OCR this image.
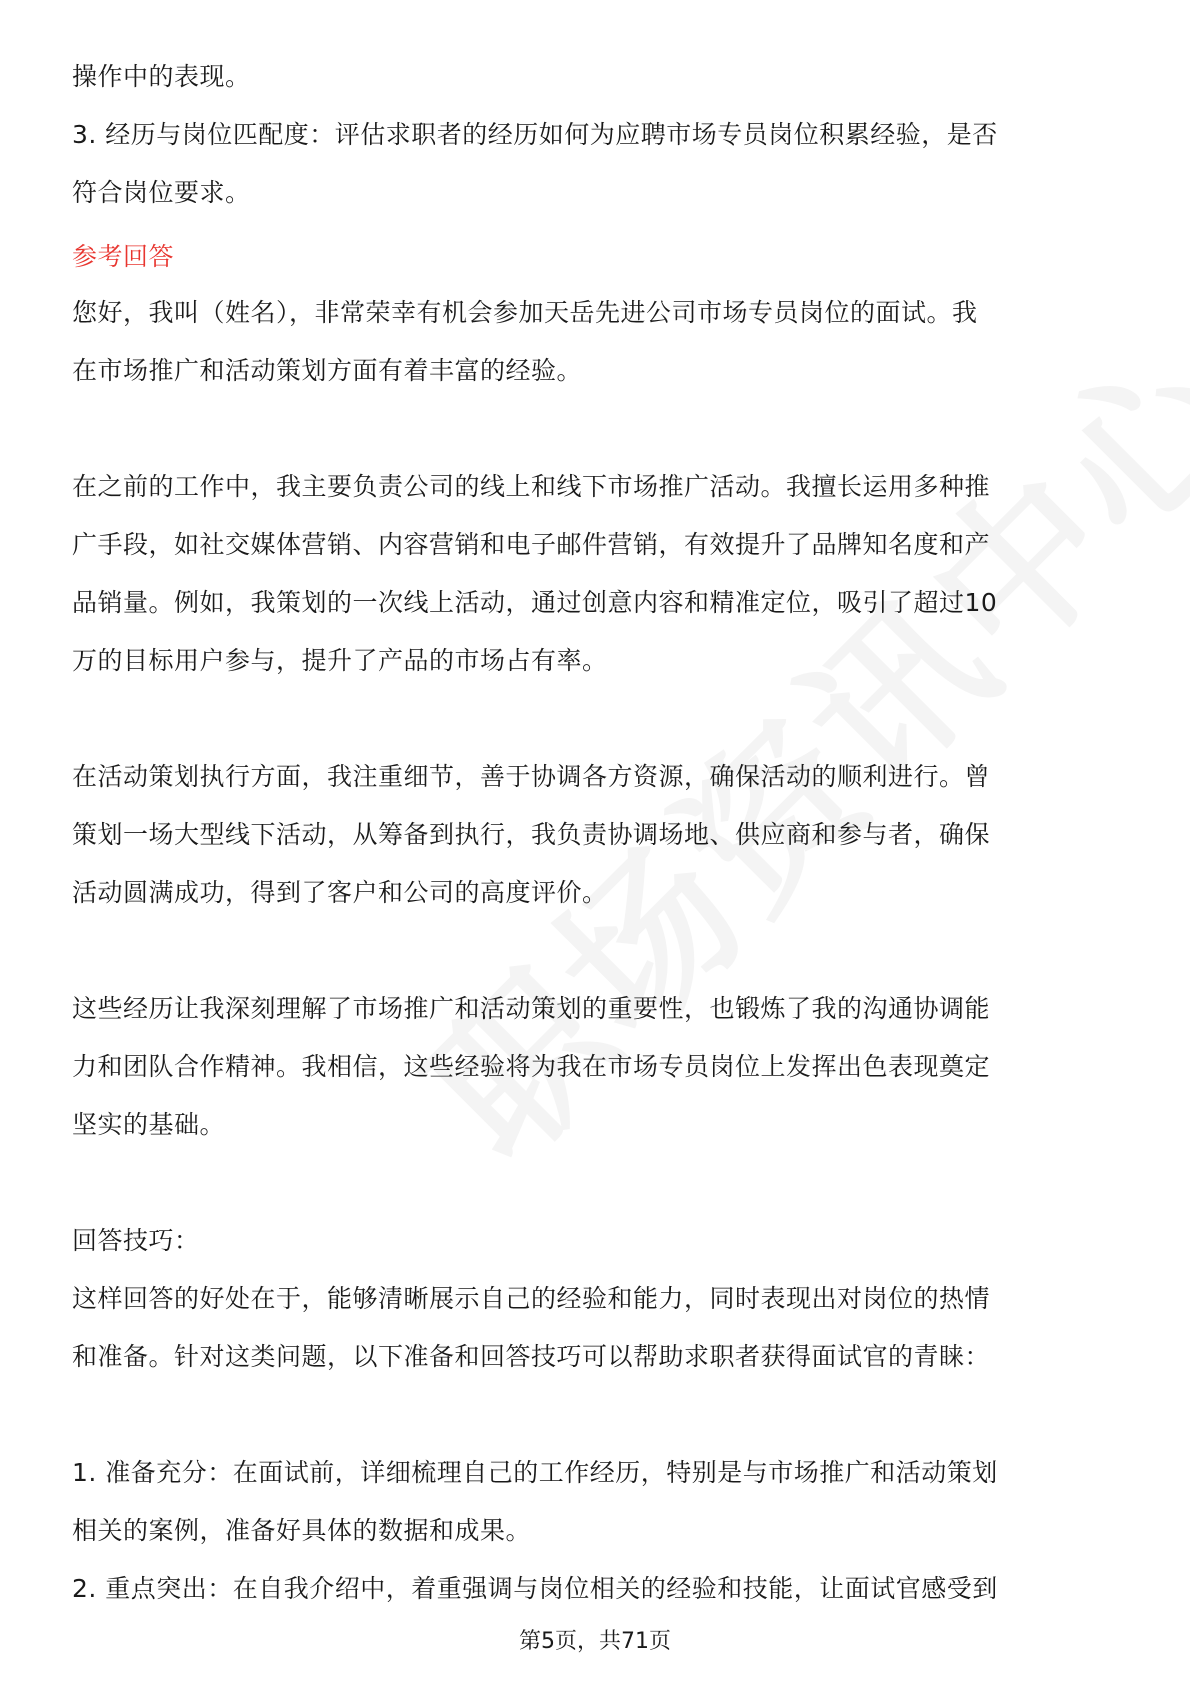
操作中的表现。

3. 经历与岗位匹配度：评估求职者的经历如何为应聘市场专员岗位积累经验，是否

符合岗位要求。

参考回答

您好，我叫（姓名），非常荣幸有机会参加天岳先进公司市场专员岗位的面试。我

在市场推广和活动策划方面有着丰富的经验。

在之前的工作中，我主要负责公司的线上和线下市场推广活动。我擅长运用多种推

广手段，如社交媒体营销、内容营销和电子邮件营销，有效提升了品牌知名度和产

品销量。例如，我策划的一次线上活动，通过创意内容和精准定位，吸引了超过10

万的目标用户参与，提升了产品的市场占有率。

在活动策划执行方面，我注重细节，善于协调各方资源，确保活动的顺利进行。曾

策划一场大型线下活动，从筹备到执行，我负责协调场地、供应商和参与者，确保

活动圆满成功，得到了客户和公司的高度评价。

这些经历让我深刻理解了市场推广和活动策划的重要性，也锻炼了我的沟通协调能

力和团队合作精神。我相信，这些经验将为我在市场专员岗位上发挥出色表现奠定

坚实的基础。

回答技巧：

这样回答的好处在于，能够清晰展示自己的经验和能力，同时表现出对岗位的热情

和准备。针对这类问题，以下准备和回答技巧可以帮助求职者获得面试官的青睐：

1. 准备充分：在面试前，详细梳理自己的工作经历，特别是与市场推广和活动策划

相关的案例，准备好具体的数据和成果。

2. 重点突出：在自我介绍中，着重强调与岗位相关的经验和技能，让面试官感受到

第5页，共71页
